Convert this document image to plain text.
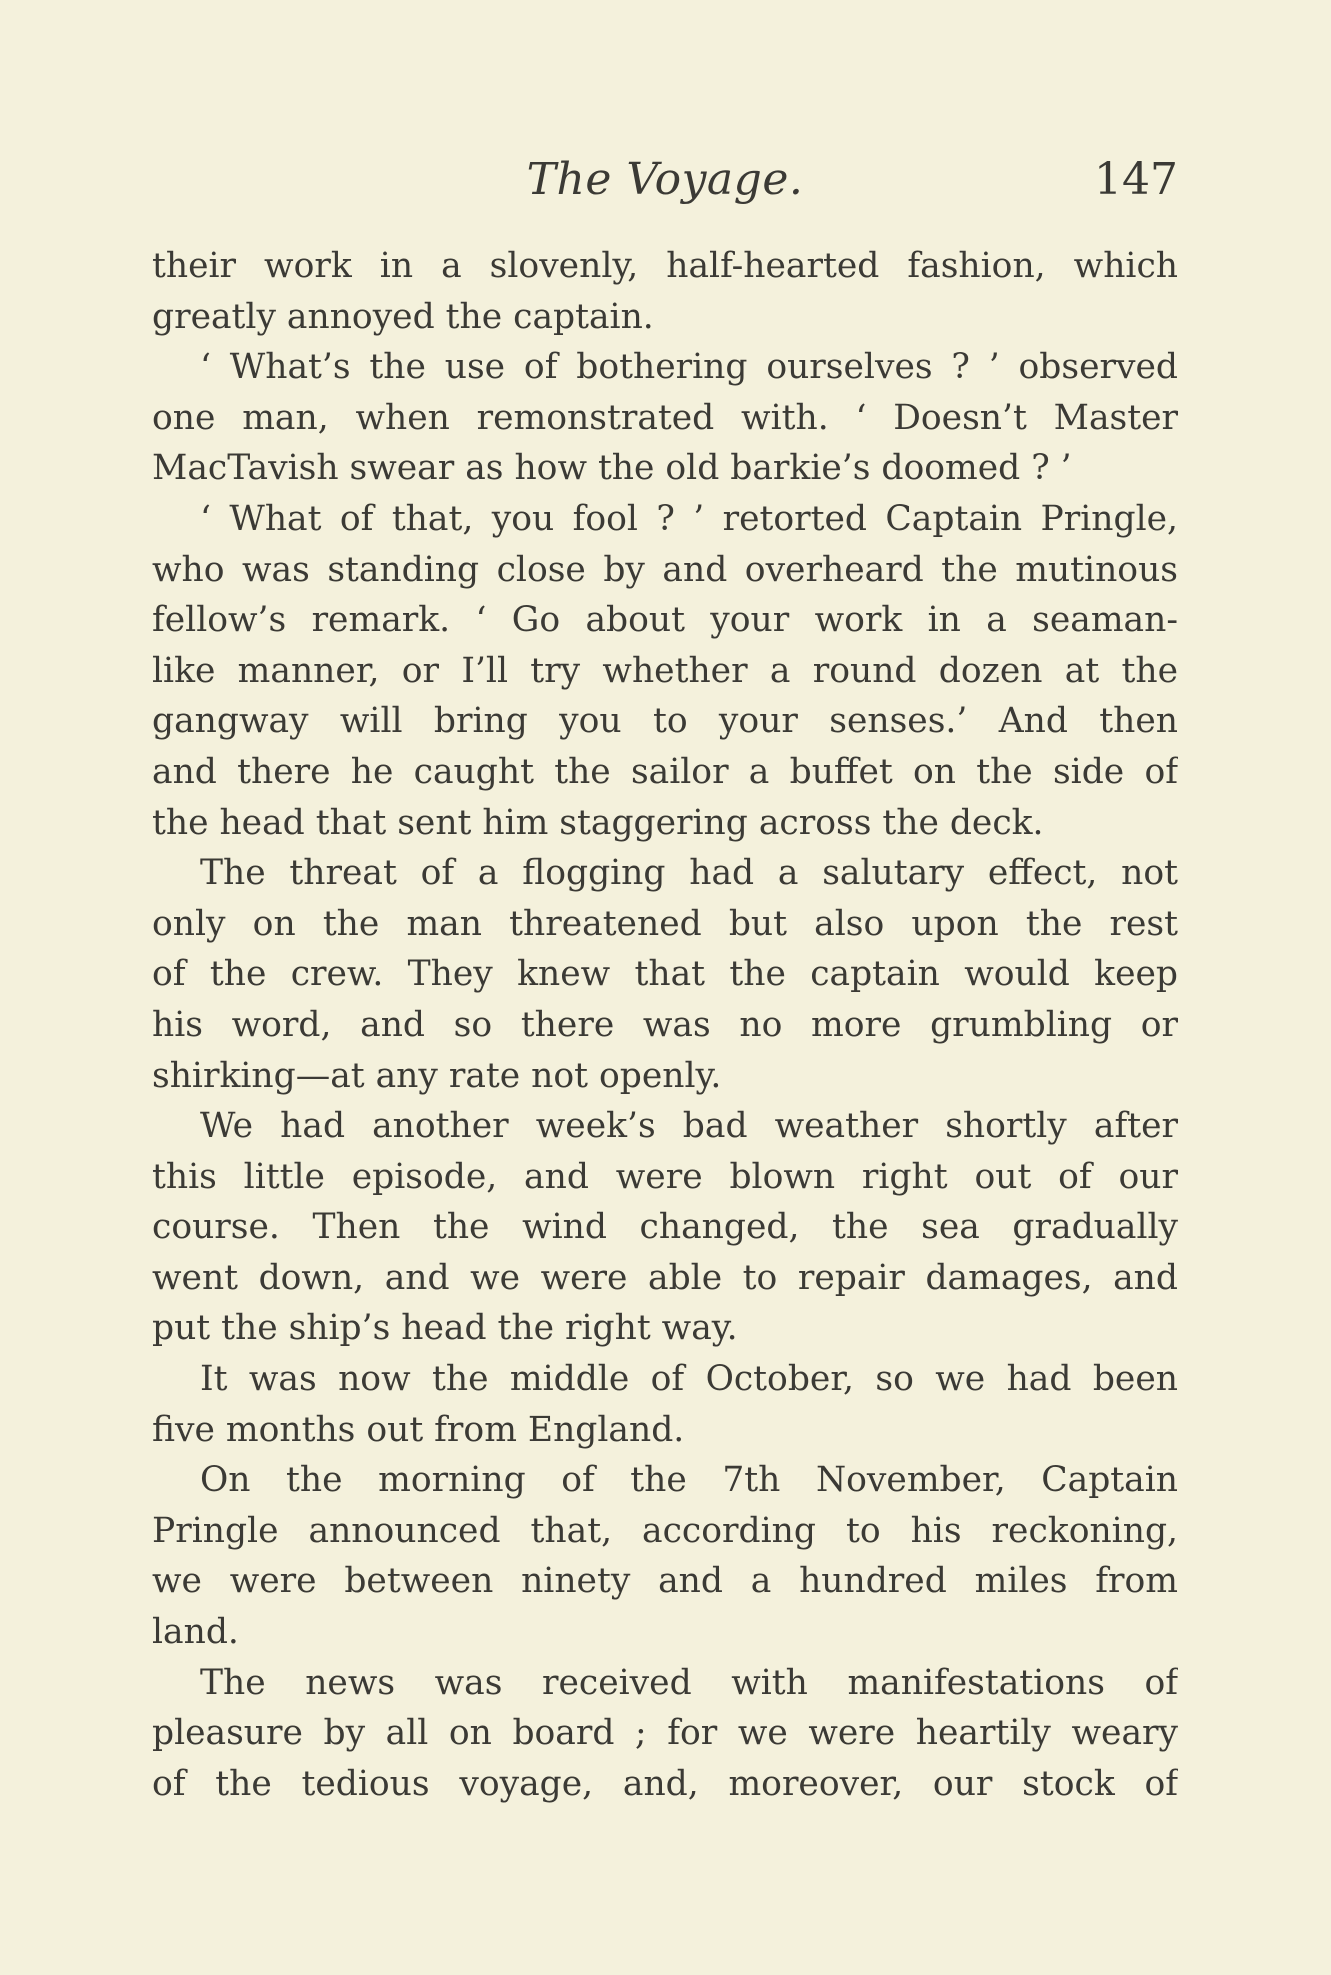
The Voyage.	147
their work in a slovenly, half-hearted fashion, which
greatly annoyed the captain.
‘ What’s the use of bothering ourselves ? ’ observed
one man, when remonstrated with. ‘ Doesn’t Master
MacTavish swear as how the old barkie’s doomed ? ’
‘ What of that, you fool ? ’ retorted Captain Pringle,
who was standing close by and overheard the mutinous
fellow’s remark. ‘ Go about your work in a seaman-
like manner, or I’ll try whether a round dozen at the
gangway will bring you to your senses.’ And then
and there he caught the sailor a buffet on the side of
the head that sent him staggering across the deck.
The threat of a flogging had a salutary effect, not
only on the man threatened but also upon the rest
of the crew. They knew that the captain would keep
his word, and so there was no more grumbling or
shirking—at any rate not openly.
We had another week’s bad weather shortly after
this little episode, and were blown right out of our
course. Then the wind changed, the sea gradually
went down, and we were able to repair damages, and
put the ship’s head the right way.
It was now the middle of October, so we had been
five months out from England.
On the morning of the 7th November, Captain
Pringle announced that, according to his reckoning,
we were between ninety and a hundred miles from
land.
The news was received with manifestations of
pleasure by all on board ; for we were heartily weary
of the tedious voyage, and, moreover, our stock of
